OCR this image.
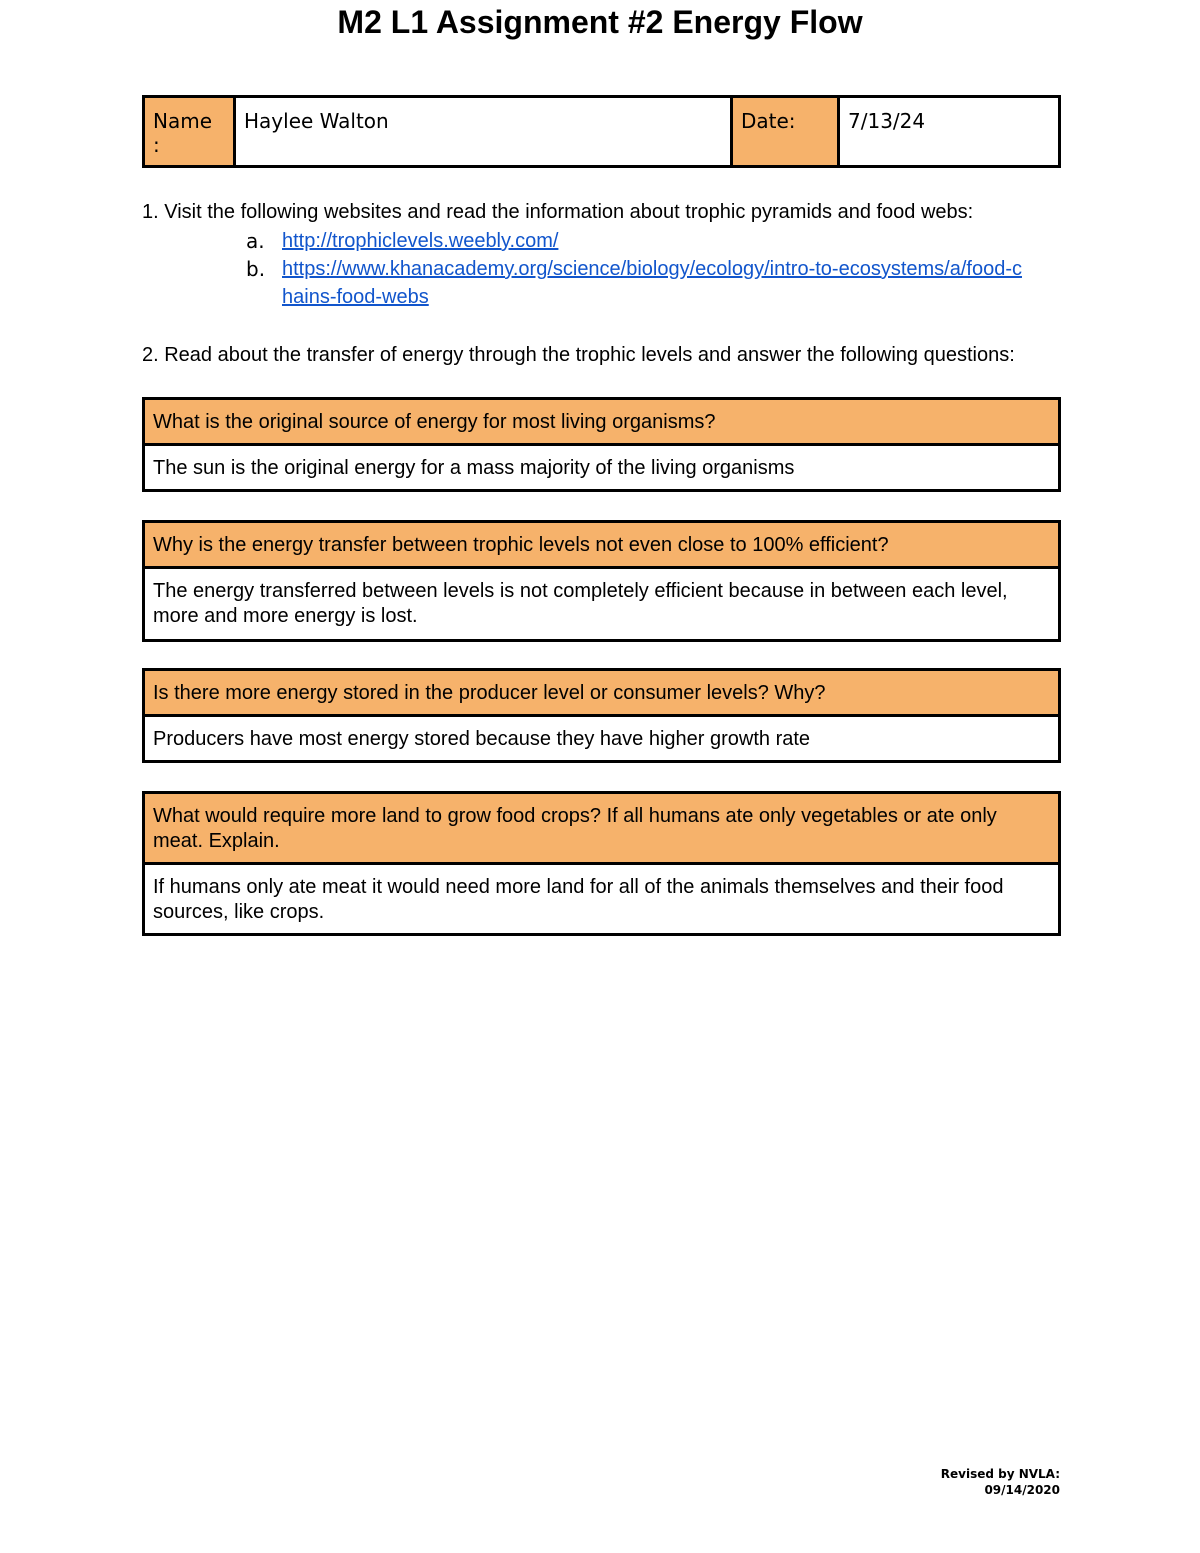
M2 L1 Assignment #2 Energy Flow
Name
:	Haylee Walton	Date:	7/13/24
1. Visit the following websites and read the information about trophic pyramids and food webs:
a. http://trophiclevels.weebly.com/
b. https://www.khanacademy.org/science/biology/ecology/intro-to-ecosystems/a/food-chains-food-webs
2. Read about the transfer of energy through the trophic levels and answer the following questions:
What is the original source of energy for most living organisms?
The sun is the original energy for a mass majority of the living organisms
Why is the energy transfer between trophic levels not even close to 100% efficient?
The energy transferred between levels is not completely efficient because in between each level, more and more energy is lost.
Is there more energy stored in the producer level or consumer levels? Why?
Producers have most energy stored because they have higher growth rate
What would require more land to grow food crops? If all humans ate only vegetables or ate only meat. Explain.
If humans only ate meat it would need more land for all of the animals themselves and their food sources, like crops.
Revised by NVLA: 09/14/2020
